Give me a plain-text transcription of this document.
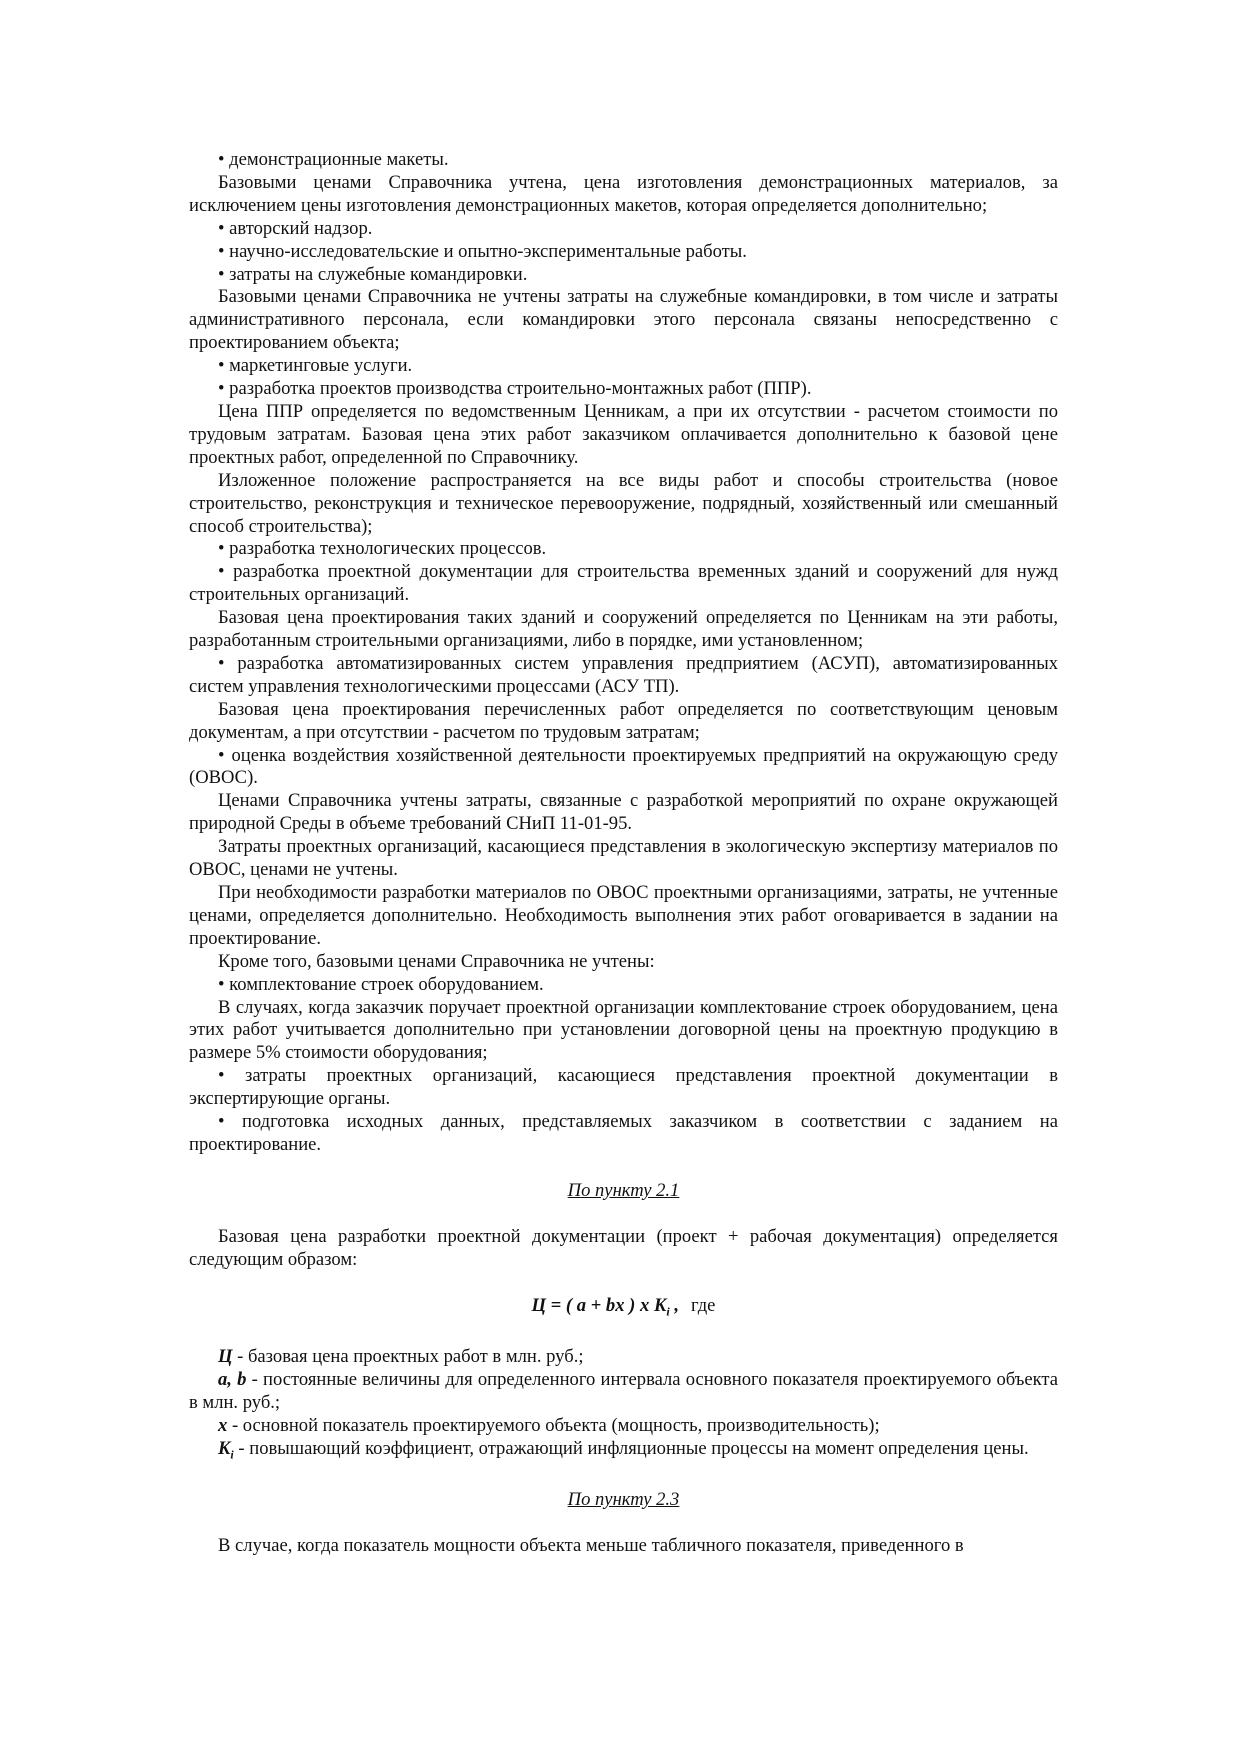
• демонстрационные макеты.

Базовыми ценами Справочника учтена, цена изготовления демонстрационных материалов, за исключением цены изготовления демонстрационных макетов, которая определяется дополнительно;

• авторский надзор.

• научно-исследовательские и опытно-экспериментальные работы.

• затраты на служебные командировки.

Базовыми ценами Справочника не учтены затраты на служебные командировки, в том числе и затраты административного персонала, если командировки этого персонала связаны непосредственно с проектированием объекта;

• маркетинговые услуги.

• разработка проектов производства строительно-монтажных работ (ППР).

Цена ППР определяется по ведомственным Ценникам, а при их отсутствии - расчетом стоимости по трудовым затратам. Базовая цена этих работ заказчиком оплачивается дополнительно к базовой цене проектных работ, определенной по Справочнику.

Изложенное положение распространяется на все виды работ и способы строительства (новое строительство, реконструкция и техническое перевооружение, подрядный, хозяйственный или смешанный способ строительства);

• разработка технологических процессов.

• разработка проектной документации для строительства временных зданий и сооружений для нужд строительных организаций.

Базовая цена проектирования таких зданий и сооружений определяется по Ценникам на эти работы, разработанным строительными организациями, либо в порядке, ими установленном;

• разработка автоматизированных систем управления предприятием (АСУП), автоматизированных систем управления технологическими процессами (АСУ ТП).

Базовая цена проектирования перечисленных работ определяется по соответствующим ценовым документам, а при отсутствии - расчетом по трудовым затратам;

• оценка воздействия хозяйственной деятельности проектируемых предприятий на окружающую среду (ОВОС).

Ценами Справочника учтены затраты, связанные с разработкой мероприятий по охране окружающей природной Среды в объеме требований СНиП 11-01-95.

Затраты проектных организаций, касающиеся представления в экологическую экспертизу материалов по ОВОС, ценами не учтены.

При необходимости разработки материалов по ОВОС проектными организациями, затраты, не учтенные ценами, определяется дополнительно. Необходимость выполнения этих работ оговаривается в задании на проектирование.

Кроме того, базовыми ценами Справочника не учтены:

• комплектование строек оборудованием.

В случаях, когда заказчик поручает проектной организации комплектование строек оборудованием, цена этих работ учитывается дополнительно при установлении договорной цены на проектную продукцию в размере 5% стоимости оборудования;

• затраты проектных организаций, касающиеся представления проектной документации в экспертирующие органы.

• подготовка исходных данных, представляемых заказчиком в соответствии с заданием на проектирование.

По пункту 2.1

Базовая цена разработки проектной документации (проект + рабочая документация) определяется следующим образом:

Ц = ( a + bx ) x $K_i$ , где

Ц - базовая цена проектных работ в млн. руб.;

a, b - постоянные величины для определенного интервала основного показателя проектируемого объекта в млн. руб.;

x - основной показатель проектируемого объекта (мощность, производительность);

$K_i$ - повышающий коэффициент, отражающий инфляционные процессы на момент определения цены.

По пункту 2.3

В случае, когда показатель мощности объекта меньше табличного показателя, приведенного в
